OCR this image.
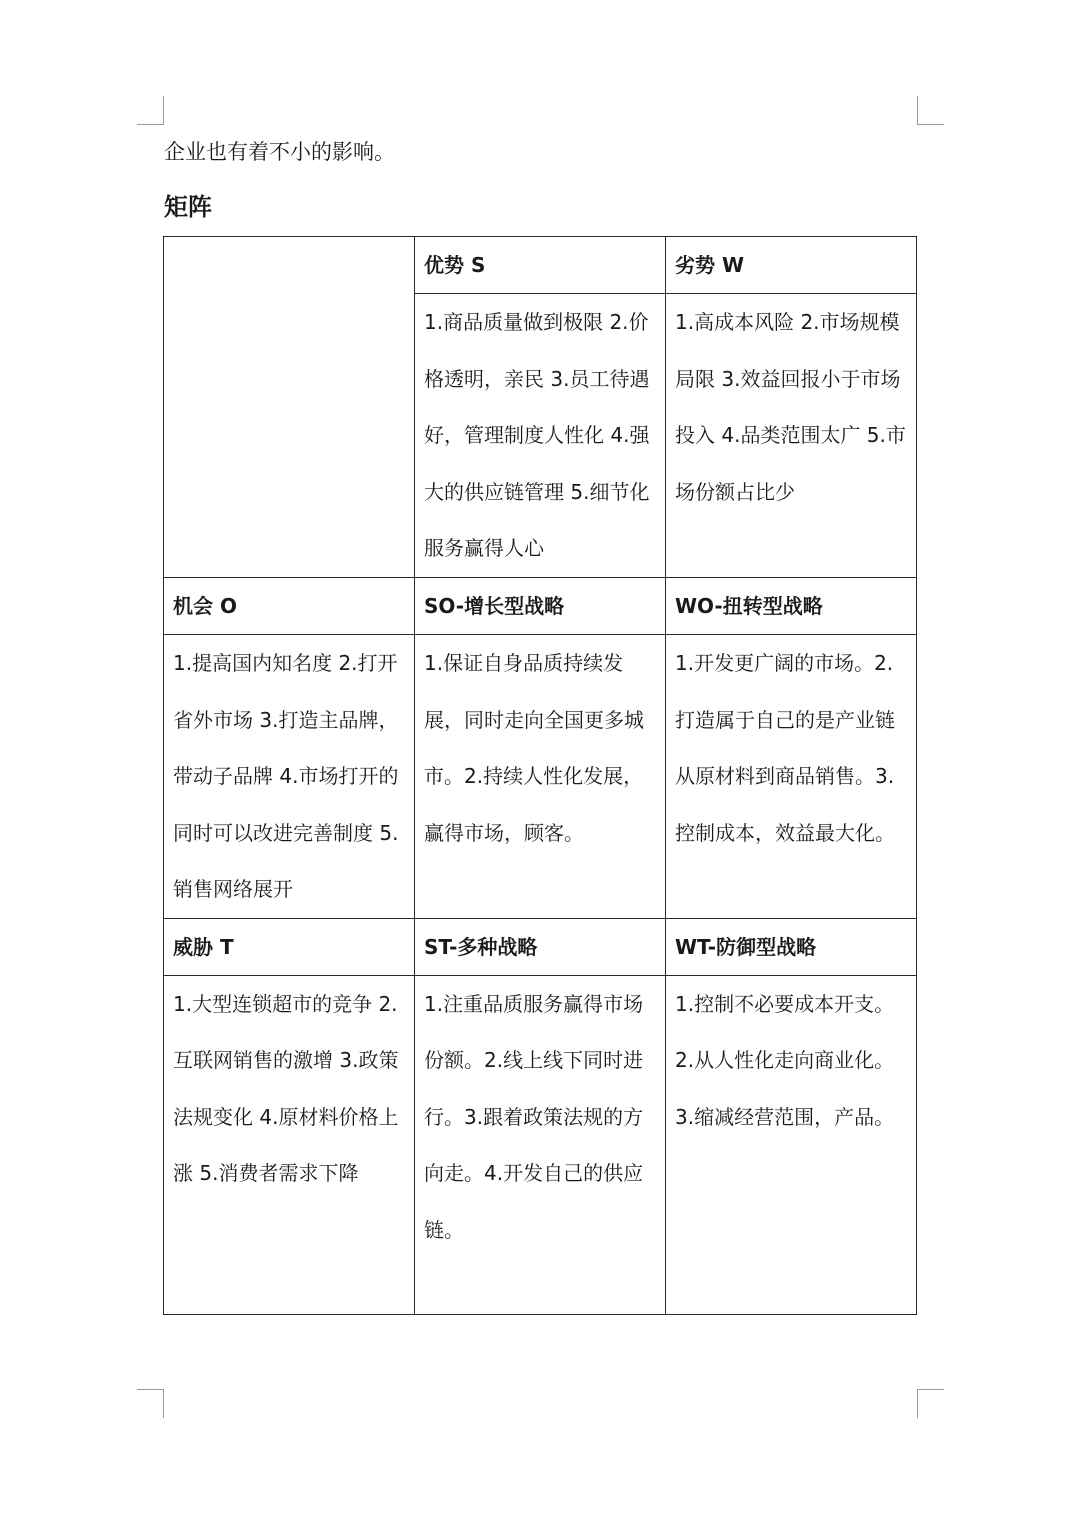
企业也有着不小的影响。

矩阵

	优势 S	劣势 W

	1.商品质量做到极限 2.价格透明，亲民 3.员工待遇好，管理制度人性化 4.强大的供应链管理 5.细节化服务赢得人心	1.高成本风险 2.市场规模局限 3.效益回报小于市场投入 4.品类范围太广 5.市场份额占比少

机会 O	SO-增长型战略	WO-扭转型战略

1.提高国内知名度 2.打开省外市场 3.打造主品牌，带动子品牌 4.市场打开的同时可以改进完善制度 5.销售网络展开	1.保证自身品质持续发展，同时走向全国更多城市。2.持续人性化发展，赢得市场，顾客。	1.开发更广阔的市场。2.打造属于自己的是产业链从原材料到商品销售。3.控制成本，效益最大化。

威胁 T	ST-多种战略	WT-防御型战略

1.大型连锁超市的竞争 2.互联网销售的激增 3.政策法规变化 4.原材料价格上涨 5.消费者需求下降	1.注重品质服务赢得市场份额。2.线上线下同时进行。3.跟着政策法规的方向走。4.开发自己的供应链。	1.控制不必要成本开支。2.从人性化走向商业化。3.缩减经营范围，产品。
